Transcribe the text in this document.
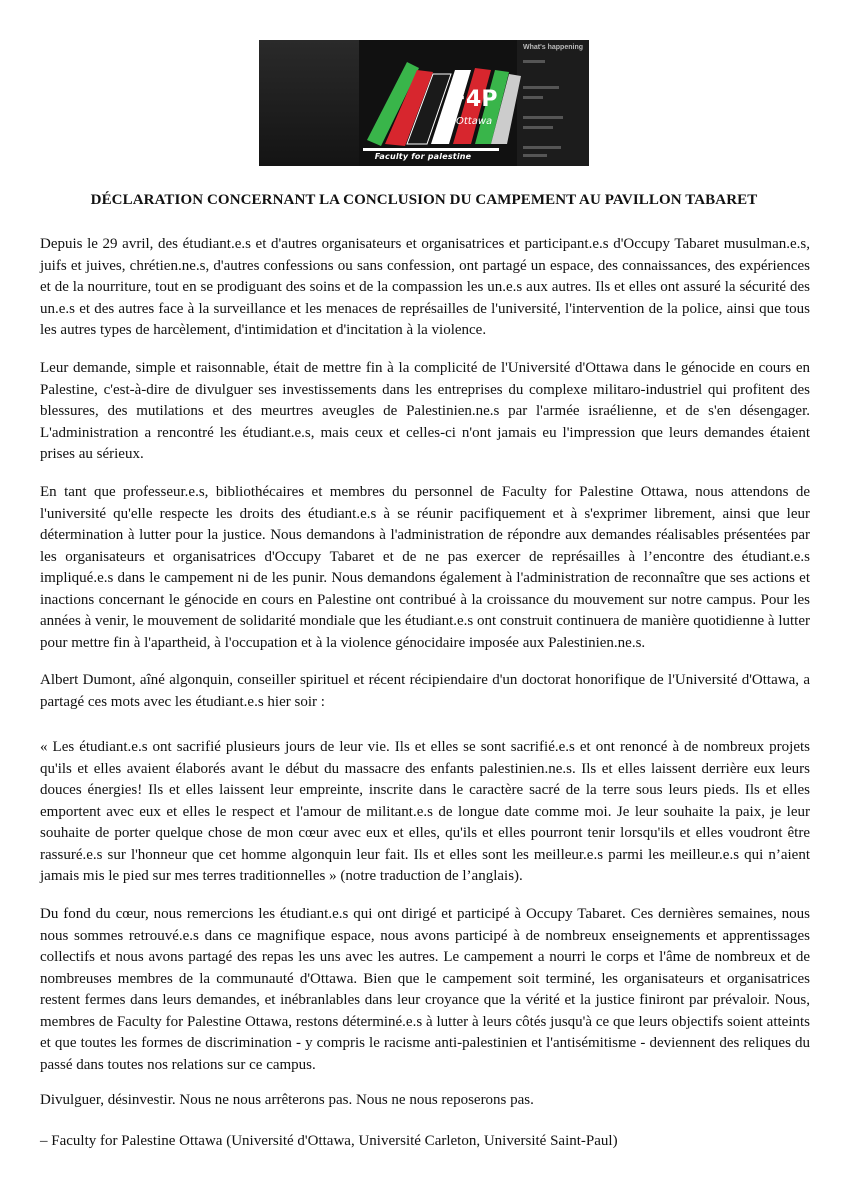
What's happening
F4P
Ottawa
Faculty for palestine
DÉCLARATION CONCERNANT LA CONCLUSION DU CAMPEMENT AU PAVILLON TABARET

Depuis le 29 avril, des étudiant.e.s et d'autres organisateurs et organisatrices et participant.e.s d'Occupy Tabaret musulman.e.s, juifs et juives, chrétien.ne.s, d'autres confessions ou sans confession, ont partagé un espace, des connaissances, des expériences et de la nourriture, tout en se prodiguant des soins et de la compassion les un.e.s aux autres. Ils et elles ont assuré la sécurité des un.e.s et des autres face à la surveillance et les menaces de représailles de l'université, l'intervention de la police, ainsi que tous les autres types de harcèlement, d'intimidation et d'incitation à la violence.

Leur demande, simple et raisonnable, était de mettre fin à la complicité de l'Université d'Ottawa dans le génocide en cours en Palestine, c'est-à-dire de divulguer ses investissements dans les entreprises du complexe militaro-industriel qui profitent des blessures, des mutilations et des meurtres aveugles de Palestinien.ne.s par l'armée israélienne, et de s'en désengager. L'administration a rencontré les étudiant.e.s, mais ceux et celles-ci n'ont jamais eu l'impression que leurs demandes étaient prises au sérieux.

En tant que professeur.e.s, bibliothécaires et membres du personnel de Faculty for Palestine Ottawa, nous attendons de l'université qu'elle respecte les droits des étudiant.e.s à se réunir pacifiquement et à s'exprimer librement, ainsi que leur détermination à lutter pour la justice. Nous demandons à l'administration de répondre aux demandes réalisables présentées par les organisateurs et organisatrices d'Occupy Tabaret et de ne pas exercer de représailles à l’encontre des étudiant.e.s impliqué.e.s dans le campement ni de les punir. Nous demandons également à l'administration de reconnaître que ses actions et inactions concernant le génocide en cours en Palestine ont contribué à la croissance du mouvement sur notre campus. Pour les années à venir, le mouvement de solidarité mondiale que les étudiant.e.s ont construit continuera de manière quotidienne à lutter pour mettre fin à l'apartheid, à l'occupation et à la violence génocidaire imposée aux Palestinien.ne.s.

Albert Dumont, aîné algonquin, conseiller spirituel et récent récipiendaire d'un doctorat honorifique de l'Université d'Ottawa, a partagé ces mots avec les étudiant.e.s hier soir :

« Les étudiant.e.s ont sacrifié plusieurs jours de leur vie. Ils et elles se sont sacrifié.e.s et ont renoncé à de nombreux projets qu'ils et elles avaient élaborés avant le début du massacre des enfants palestinien.ne.s. Ils et elles laissent derrière eux leurs douces énergies! Ils et elles laissent leur empreinte, inscrite dans le caractère sacré de la terre sous leurs pieds. Ils et elles emportent avec eux et elles le respect et l'amour de militant.e.s de longue date comme moi. Je leur souhaite la paix, je leur souhaite de porter quelque chose de mon cœur avec eux et elles, qu'ils et elles pourront tenir lorsqu'ils et elles voudront être rassuré.e.s sur l'honneur que cet homme algonquin leur fait. Ils et elles sont les meilleur.e.s parmi les meilleur.e.s qui n’aient jamais mis le pied sur mes terres traditionnelles » (notre traduction de l’anglais).

Du fond du cœur, nous remercions les étudiant.e.s qui ont dirigé et participé à Occupy Tabaret. Ces dernières semaines, nous nous sommes retrouvé.e.s dans ce magnifique espace, nous avons participé à de nombreux enseignements et apprentissages collectifs et nous avons partagé des repas les uns avec les autres. Le campement a nourri le corps et l'âme de nombreux et de nombreuses membres de la communauté d'Ottawa. Bien que le campement soit terminé, les organisateurs et organisatrices restent fermes dans leurs demandes, et inébranlables dans leur croyance que la vérité et la justice finiront par prévaloir. Nous, membres de Faculty for Palestine Ottawa, restons déterminé.e.s à lutter à leurs côtés jusqu'à ce que leurs objectifs soient atteints et que toutes les formes de discrimination - y compris le racisme anti-palestinien et l'antisémitisme - deviennent des reliques du passé dans toutes nos relations sur ce campus.

Divulguer, désinvestir. Nous ne nous arrêterons pas. Nous ne nous reposerons pas.

– Faculty for Palestine Ottawa (Université d'Ottawa, Université Carleton, Université Saint-Paul)
